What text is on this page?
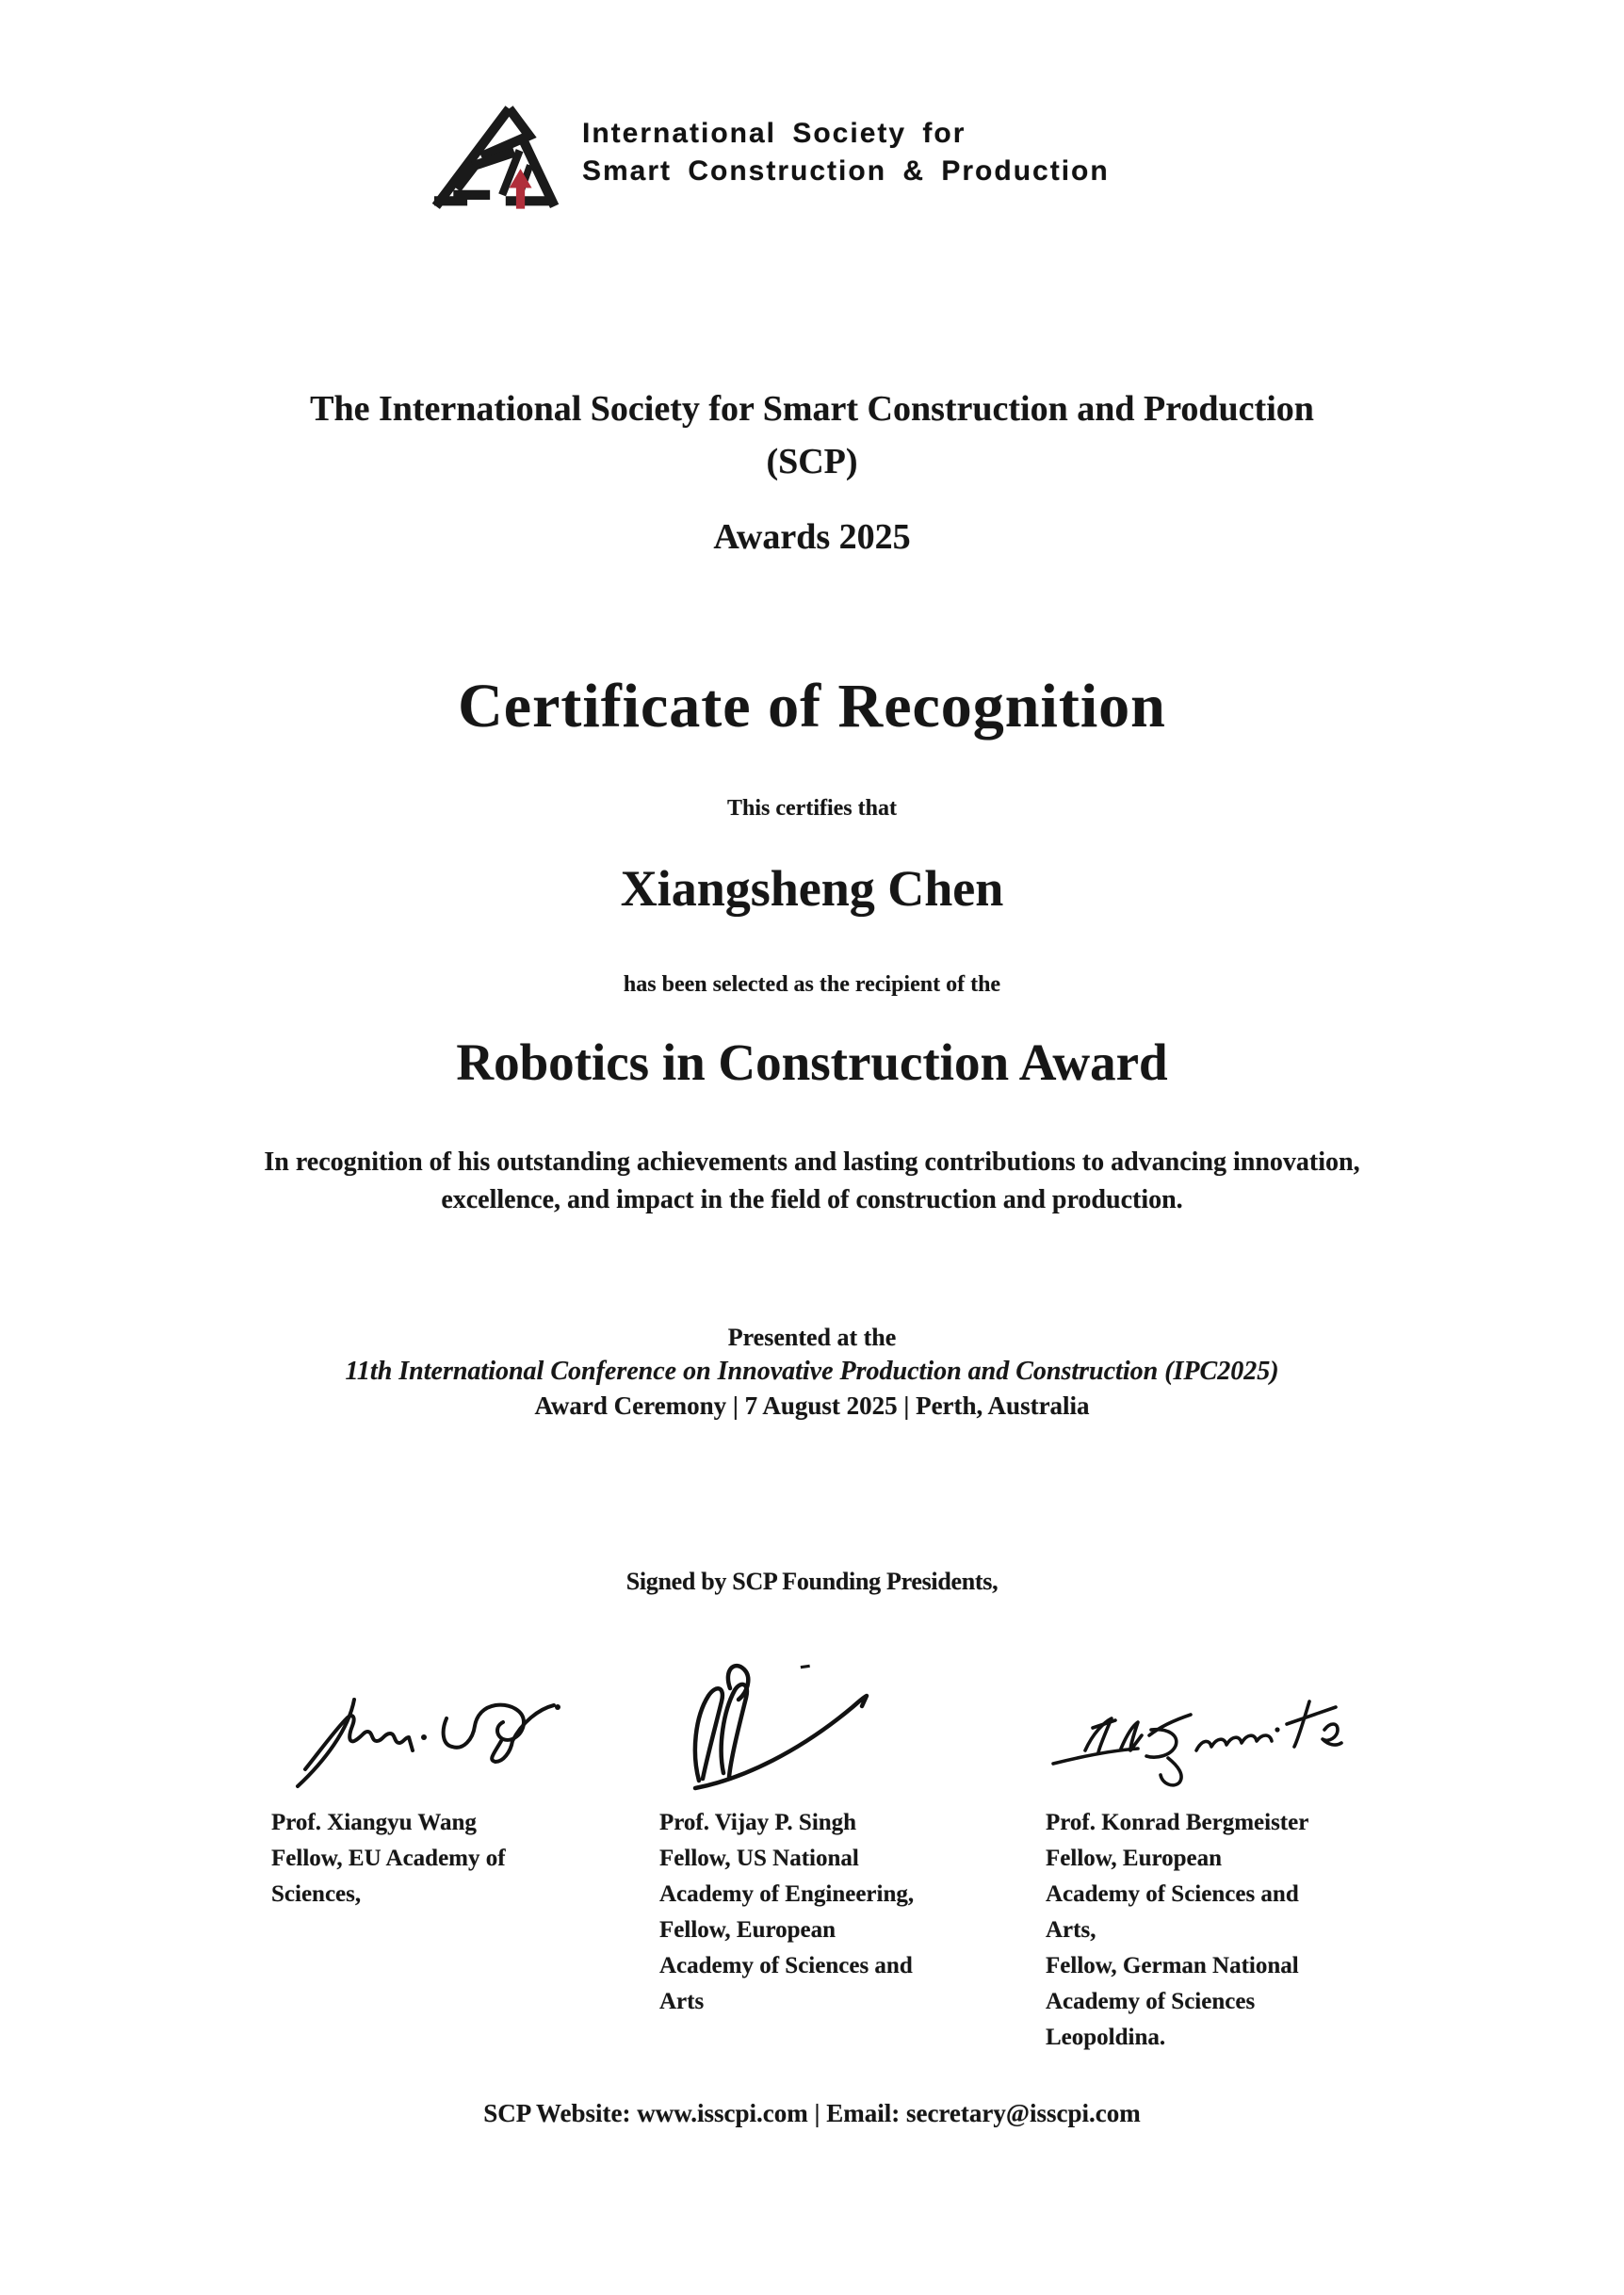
International Society for
Smart Construction & Production
The International Society for Smart Construction and Production
(SCP)
Awards 2025
Certificate of Recognition
This certifies that
Xiangsheng Chen
has been selected as the recipient of the
Robotics in Construction Award
In recognition of his outstanding achievements and lasting contributions to advancing innovation,
excellence, and impact in the field of construction and production.
Presented at the
11th International Conference on Innovative Production and Construction (IPC2025)
Award Ceremony | 7 August 2025 | Perth, Australia
Signed by SCP Founding Presidents,
-
Prof. Xiangyu Wang
Fellow, EU Academy of
Sciences,
Prof. Vijay P. Singh
Fellow, US National
Academy of Engineering,
Fellow, European
Academy of Sciences and
Arts
Prof. Konrad Bergmeister
Fellow, European
Academy of Sciences and
Arts,
Fellow, German National
Academy of Sciences
Leopoldina.
SCP Website: www.isscpi.com | Email: secretary@isscpi.com
